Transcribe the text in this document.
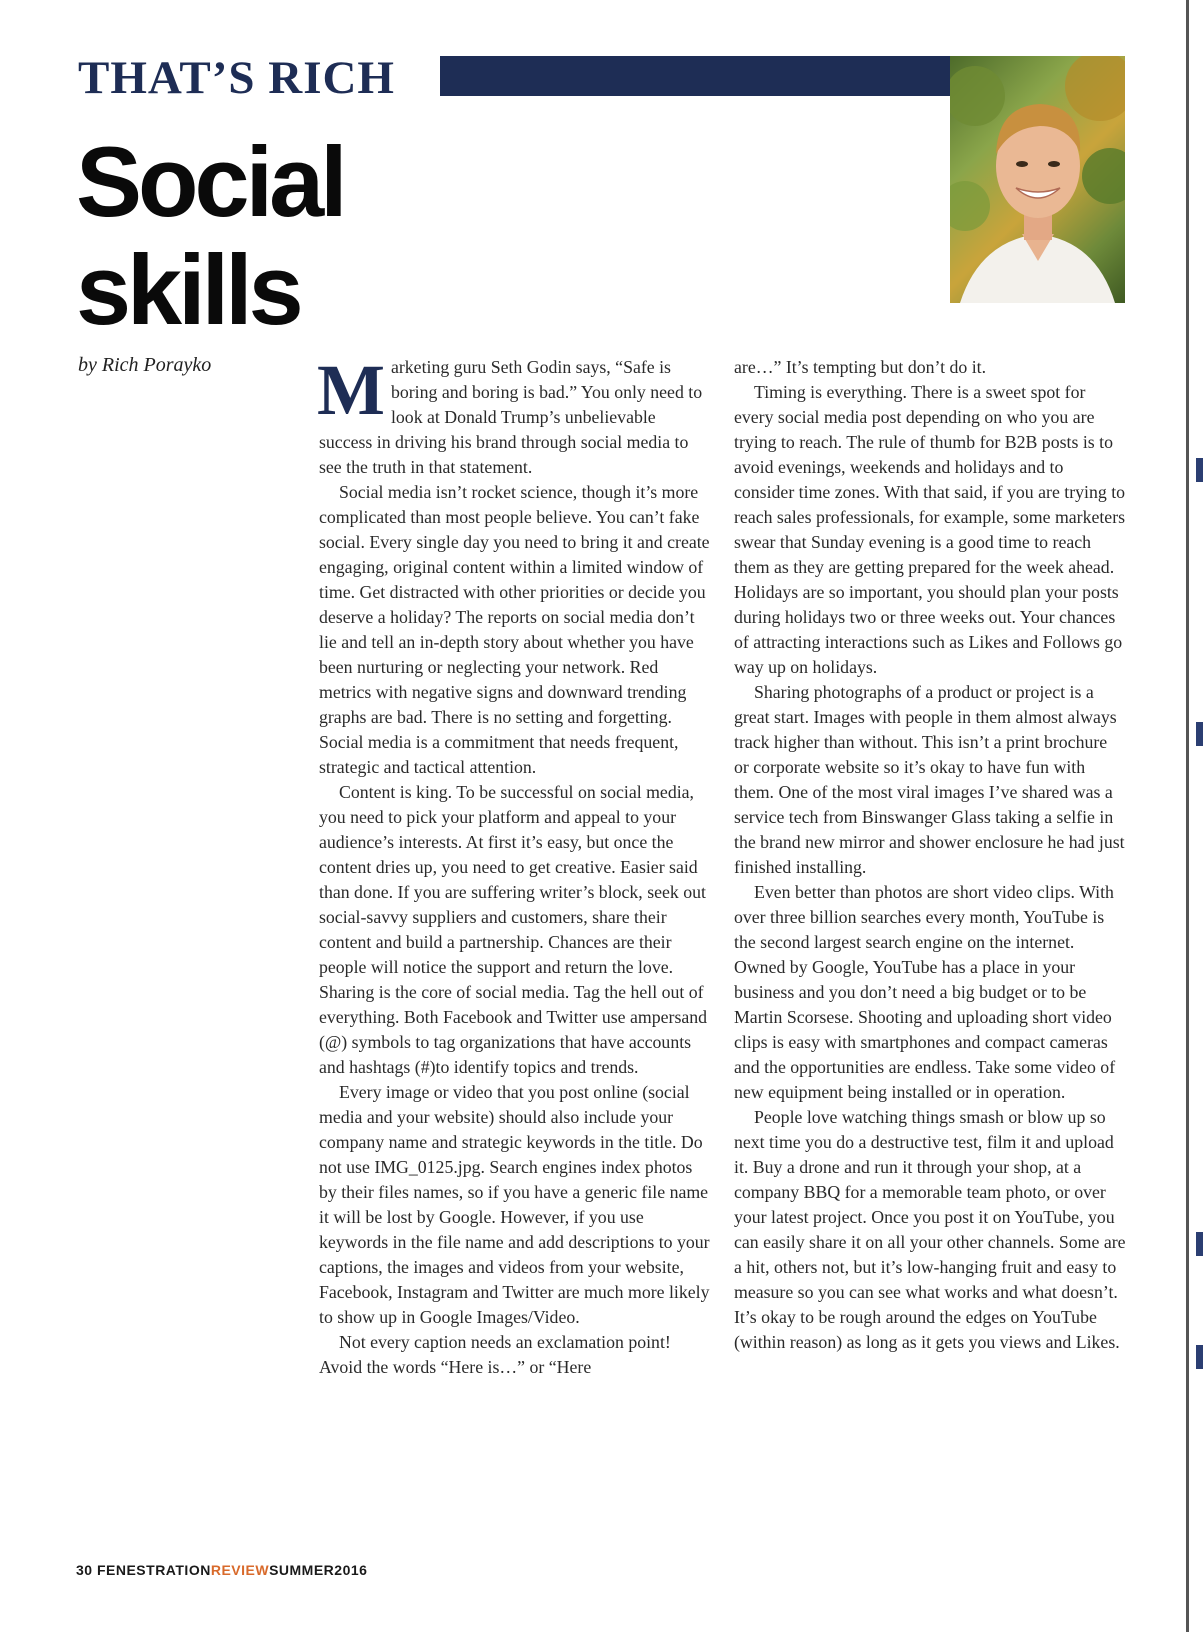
THAT’S RICH
Social
skills
by Rich Porayko Marketing guru Seth Godin says, “Safe is boring and boring is bad.” You only need to look at Donald Trump’s unbelievable success in driving his brand through social media to see the truth in that statement.

Social media isn’t rocket science, though it’s more complicated than most people believe. You can’t fake social. Every single day you need to bring it and create engaging, original content within a limited window of time. Get distracted with other priorities or decide you deserve a holiday? The reports on social media don’t lie and tell an in-depth story about whether you have been nurturing or neglecting your network. Red metrics with negative signs and downward trending graphs are bad. There is no setting and forgetting. Social media is a commitment that needs frequent, strategic and tactical attention.

Content is king. To be successful on social media, you need to pick your platform and appeal to your audience’s interests. At first it’s easy, but once the content dries up, you need to get creative. Easier said than done. If you are suffering writer’s block, seek out social-savvy suppliers and customers, share their content and build a partnership. Chances are their people will notice the support and return the love. Sharing is the core of social media. Tag the hell out of everything. Both Facebook and Twitter use ampersand (@) symbols to tag organizations that have accounts and hashtags (#)to identify topics and trends.

Every image or video that you post online (social media and your website) should also include your company name and strategic keywords in the title. Do not use IMG_0125.jpg. Search engines index photos by their files names, so if you have a generic file name it will be lost by Google. However, if you use keywords in the file name and add descriptions to your captions, the images and videos from your website, Facebook, Instagram and Twitter are much more likely to show up in Google Images/Video.

Not every caption needs an exclamation point! Avoid the words “Here is…” or “Here

are…” It’s tempting but don’t do it.

Timing is everything. There is a sweet spot for every social media post depending on who you are trying to reach. The rule of thumb for B2B posts is to avoid evenings, weekends and holidays and to consider time zones. With that said, if you are trying to reach sales professionals, for example, some marketers swear that Sunday evening is a good time to reach them as they are getting prepared for the week ahead. Holidays are so important, you should plan your posts during holidays two or three weeks out. Your chances of attracting interactions such as Likes and Follows go way up on holidays.

Sharing photographs of a product or project is a great start. Images with people in them almost always track higher than without. This isn’t a print brochure or corporate website so it’s okay to have fun with them. One of the most viral images I’ve shared was a service tech from Binswanger Glass taking a selfie in the brand new mirror and shower enclosure he had just finished installing.

Even better than photos are short video clips. With over three billion searches every month, YouTube is the second largest search engine on the internet. Owned by Google, YouTube has a place in your business and you don’t need a big budget or to be Martin Scorsese. Shooting and uploading short video clips is easy with smartphones and compact cameras and the opportunities are endless. Take some video of new equipment being installed or in operation.

People love watching things smash or blow up so next time you do a destructive test, film it and upload it. Buy a drone and run it through your shop, at a company BBQ for a memorable team photo, or over your latest project. Once you post it on YouTube, you can easily share it on all your other channels. Some are a hit, others not, but it’s low-hanging fruit and easy to measure so you can see what works and what doesn’t. It’s okay to be rough around the edges on YouTube (within reason) as long as it gets you views and Likes.

30 FENESTRATIONREVIEWSUMMER2016
